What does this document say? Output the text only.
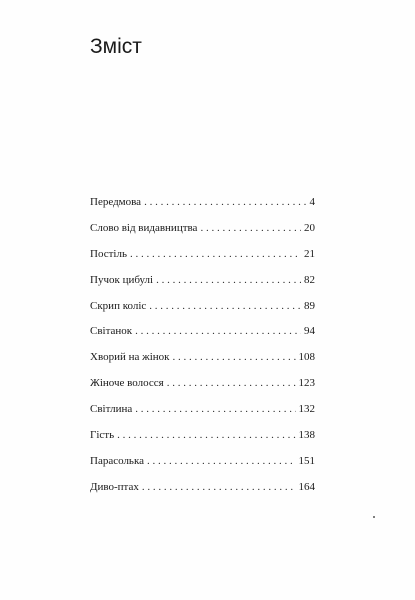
Зміст
Передмова . . .	4
Слово від видавництва . . .	20
Постіль . . .	21
Пучок цибулі . . .	82
Скрип коліс . . .	89
Світанок . . .	94
Хворий на жінок . . .	108
Жіноче волосся . . .	123
Світлина . . .	132
Гість . . .	138
Парасолька . . .	151
Диво-птах . . .	164
